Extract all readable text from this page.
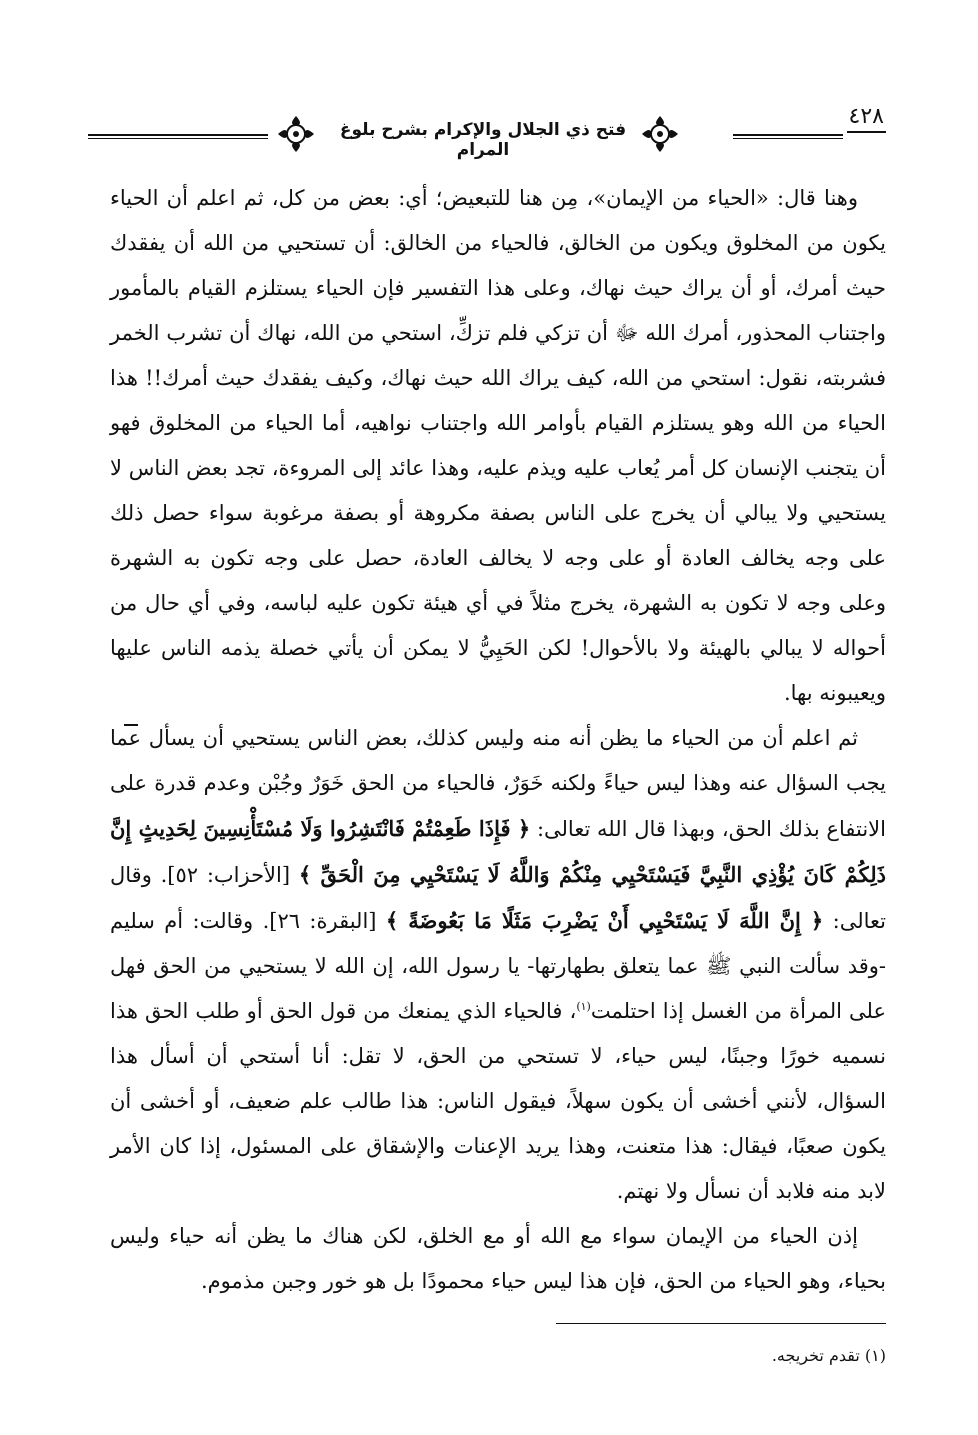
فتح ذي الجلال والإكرام بشرح بلوغ المرام
٤٢٨

وهنا قال: «الحياء من الإيمان»، مِن هنا للتبعيض؛ أي: بعض من كل، ثم اعلم أن الحياء يكون من المخلوق ويكون من الخالق، فالحياء من الخالق: أن تستحيي من الله أن يفقدك حيث أمرك، أو أن يراك حيث نهاك، وعلى هذا التفسير فإن الحياء يستلزم القيام بالمأمور واجتناب المحذور، أمرك الله ﷻ أن تزكي فلم تزكِّ، استحي من الله، نهاك أن تشرب الخمر فشربته، نقول: استحي من الله، كيف يراك الله حيث نهاك، وكيف يفقدك حيث أمرك!! هذا الحياء من الله وهو يستلزم القيام بأوامر الله واجتناب نواهيه، أما الحياء من المخلوق فهو أن يتجنب الإنسان كل أمر يُعاب عليه ويذم عليه، وهذا عائد إلى المروءة، تجد بعض الناس لا يستحيي ولا يبالي أن يخرج على الناس بصفة مكروهة أو بصفة مرغوبة سواء حصل ذلك على وجه يخالف العادة أو على وجه لا يخالف العادة، حصل على وجه تكون به الشهرة وعلى وجه لا تكون به الشهرة، يخرج مثلاً في أي هيئة تكون عليه لباسه، وفي أي حال من أحواله لا يبالي بالهيئة ولا بالأحوال! لكن الحَيِيُّ لا يمكن أن يأتي خصلة يذمه الناس عليها ويعيبونه بها.

ثم اعلم أن من الحياء ما يظن أنه منه وليس كذلك، بعض الناس يستحيي أن يسأل عما يجب السؤال عنه وهذا ليس حياءً ولكنه خَوَرٌ، فالحياء من الحق خَوَرٌ وجُبْن وعدم قدرة على الانتفاع بذلك الحق، وبهذا قال الله تعالى: ﴿ فَإِذَا طَعِمْتُمْ فَانْتَشِرُوا وَلَا مُسْتَأْنِسِينَ لِحَدِيثٍ إِنَّ ذَلِكُمْ كَانَ يُؤْذِي النَّبِيَّ فَيَسْتَحْيِي مِنْكُمْ وَاللَّهُ لَا يَسْتَحْيِي مِنَ الْحَقِّ ﴾ [الأحزاب: ٥٢]. وقال تعالى: ﴿ إِنَّ اللَّهَ لَا يَسْتَحْيِي أَنْ يَضْرِبَ مَثَلًا مَا بَعُوضَةً ﴾ [البقرة: ٢٦]. وقالت: أم سليم -وقد سألت النبي ﷺ عما يتعلق بطهارتها- يا رسول الله، إن الله لا يستحيي من الحق فهل على المرأة من الغسل إذا احتلمت$^{(١)}$، فالحياء الذي يمنعك من قول الحق أو طلب الحق هذا نسميه خورًا وجبنًا، ليس حياء، لا تستحي من الحق، لا تقل: أنا أستحي أن أسأل هذا السؤال، لأنني أخشى أن يكون سهلاً، فيقول الناس: هذا طالب علم ضعيف، أو أخشى أن يكون صعبًا، فيقال: هذا متعنت، وهذا يريد الإعنات والإشقاق على المسئول، إذا كان الأمر لابد منه فلابد أن نسأل ولا نهتم.

إذن الحياء من الإيمان سواء مع الله أو مع الخلق، لكن هناك ما يظن أنه حياء وليس بحياء، وهو الحياء من الحق، فإن هذا ليس حياء محمودًا بل هو خور وجبن مذموم.

(١) تقدم تخريجه.
